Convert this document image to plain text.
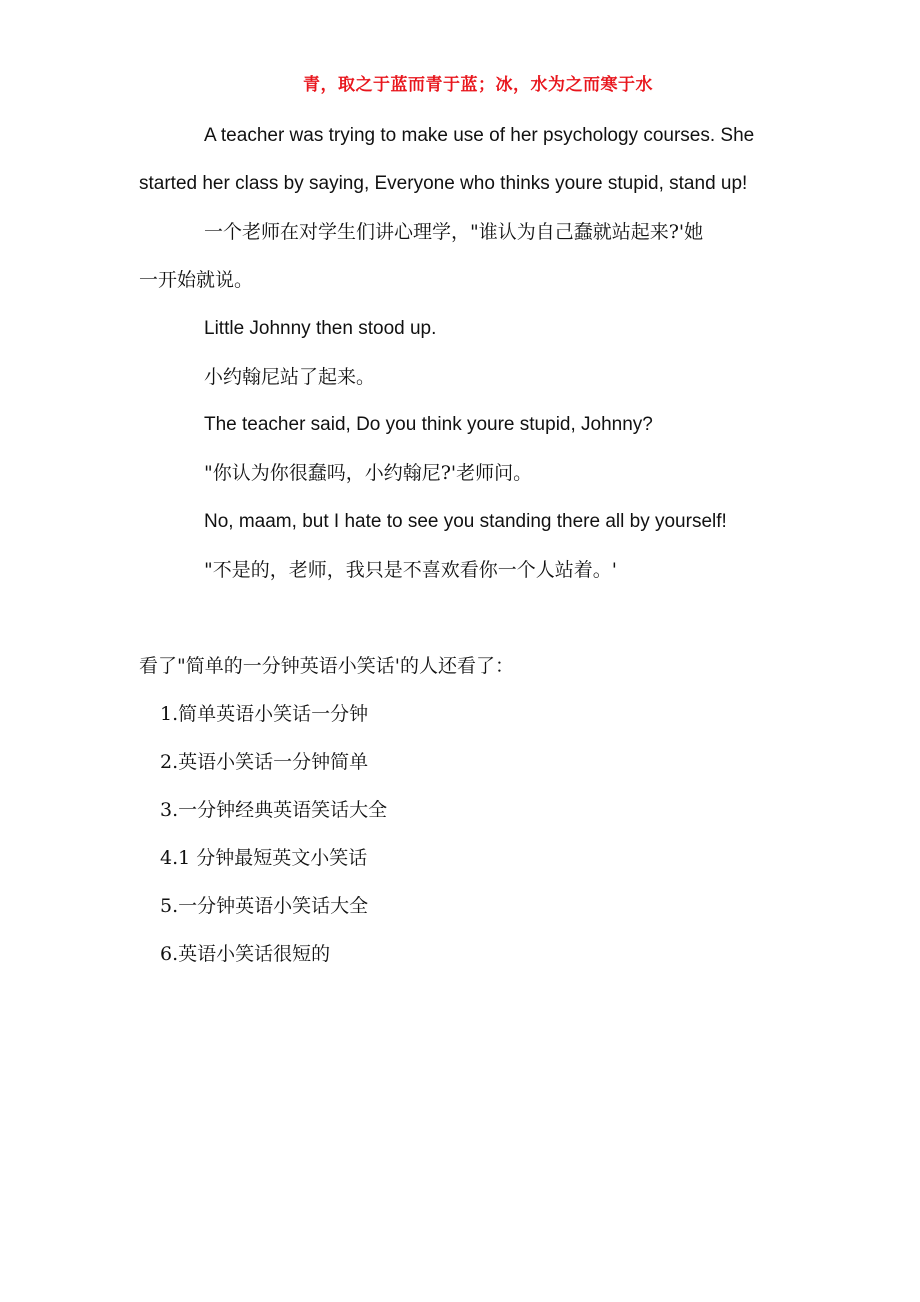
青，取之于蓝而青于蓝；冰，水为之而寒于水
A teacher was trying to make use of her psychology courses. She
started her class by saying, Everyone who thinks youre stupid, stand up!
一个老师在对学生们讲心理学，"谁认为自己蠢就站起来?'她
一开始就说。
Little Johnny then stood up.
小约翰尼站了起来。
The teacher said, Do you think youre stupid, Johnny?
"你认为你很蠢吗，小约翰尼?'老师问。
No, maam, but I hate to see you standing there all by yourself!
"不是的，老师，我只是不喜欢看你一个人站着。'
看了"简单的一分钟英语小笑话'的人还看了：
1.简单英语小笑话一分钟
2.英语小笑话一分钟简单
3.一分钟经典英语笑话大全
4.1 分钟最短英文小笑话
5.一分钟英语小笑话大全
6.英语小笑话很短的
